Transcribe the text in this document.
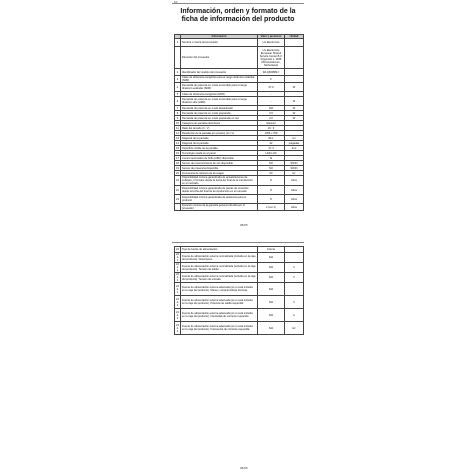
10
Información, orden y formato de la ficha de información del producto
	Información	Valor y precisión	Unidad
1	Nombre o marca del proveedor	LG Electronics	
	Dirección del proveedor	LG Electronics European Shared Service Center B.V. Krijgsman 1, 1186 DM Amstelveen, Netherlands	
2	Identificador del modelo del proveedor	32LQ600B6LY	
3	Clase de eficiencia energética para el rango dinámico estándar (SDR)	F	
4	Demanda de potencia en modo encendido para el rango dinámico estándar (SDR)	27.0	W
5	Clase de eficiencia energética (HDR)	-	
6	Demanda de potencia en modo encendido para el rango dinámico alto (HDR)	-	W
7	Demanda de potencia en modo desactivado	N/A	W
8	Demanda de potencia en modo preparado	0.5	W
9	Demanda de potencia en modo preparado en red	2.0	W
10	Categoría de pantalla electrónica	televisor	
11	Ratio del tamaño (h : V)	16 : 9	
12	Resolución de la pantalla (en píxeles) (H x V)	1366 x 768	
13	Diagonal de la pantalla	80.1	cm
14	Diagonal de la pantalla	32	pulgadas
15	Superficie visible de la pantalla	27.4	dm²
16	Tecnología usada en el panel	LED LCD	
17	Control automático de brillo (ABC) disponible	Sí	
18	Sensor de reconocimiento de voz disponible	NO	SÍ/NO
19	Sensor de presencia disponible	NO	SÍ/NO
20	Frecuencia de refresco de la imagen	60	Hz
21	Disponibilidad mínima garantizada de actualizaciones de software y firmware desde la fecha del final de la introducción en el mercado	8	Años
22	Disponibilidad mínima garantizada de piezas de recambio desde la fecha del final de la introducción en el mercado	8	Años
23	Disponibilidad mínima garantizada de asistencia para el producto	8	Años
	Duración mínima de la garantía general ofrecida por el proveedor	2 (ver 1)	Años
06/05
24	Tipo de fuente de alimentación	interna	
24.1.1	Fuente de alimentación externa normalizada (incluida en la caja del producto). Descripción.	N/A	
24.1.2	Fuente de alimentación externa normalizada (incluida en la caja del producto). Tensión de salida	N/A	V
24.1.3	Fuente de alimentación externa normalizada (incluida en la caja del producto). Tensión de entrada	N/A	V
24.2.1	Fuente de alimentación externa adecuada (si no está incluida en la caja del producto). Marca y características técnicas	N/A	
24.2.2	Fuente de alimentación externa adecuada (si no está incluida en la caja del producto). Potencia de salida requerida	N/A	V
24.2.3	Fuente de alimentación externa adecuada (si no está incluida en la caja del producto). Intensidad de corriente requerida	N/A	A
24.2.4	Fuente de alimentación externa adecuada (si no está incluida en la caja del producto). Frecuencia de corriente requerida	N/A	Hz
06/05
